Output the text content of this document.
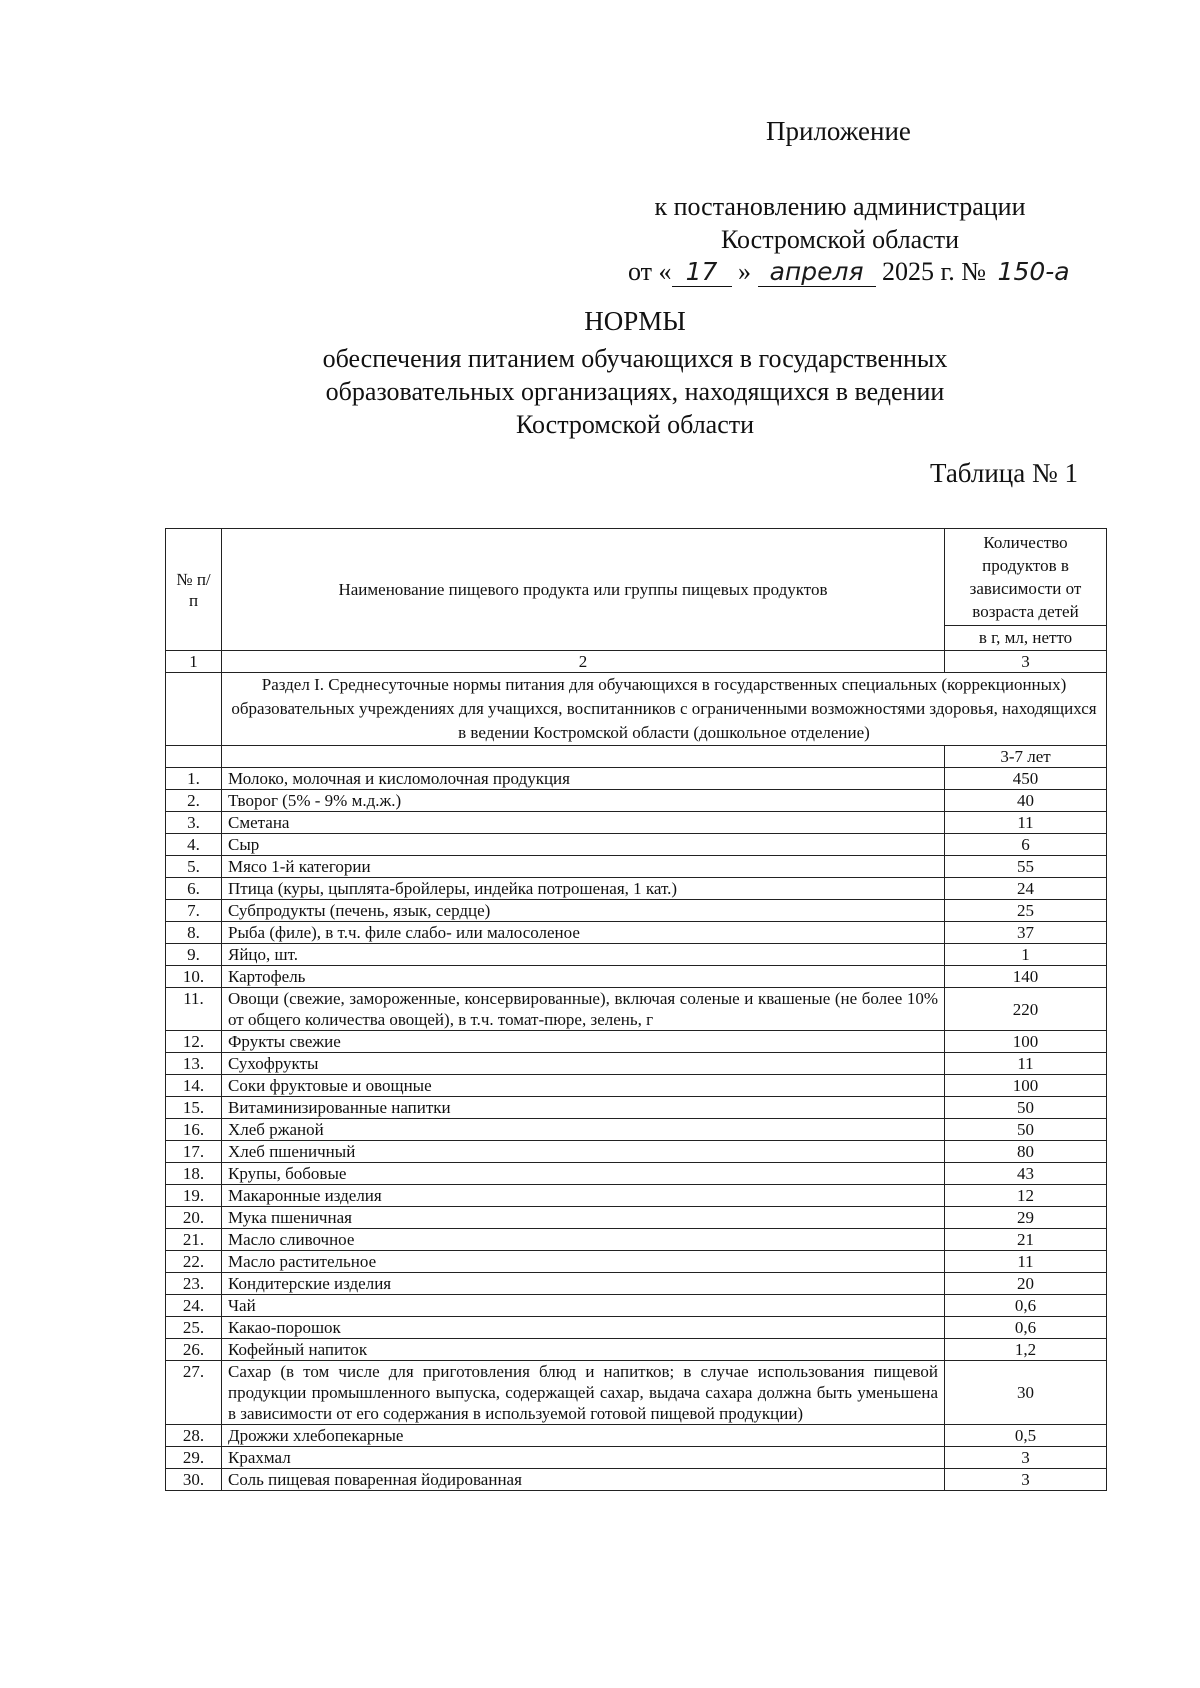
Приложение
к постановлению администрации
Костромской области
от « 17 » апреля 2025 г. № 150-а
НОРМЫ
обеспечения питанием обучающихся в государственных
образовательных организациях, находящихся в ведении
Костромской области
Таблица № 1
№ п/п	Наименование пищевого продукта или группы пищевых продуктов	Количество продуктов в зависимости от возраста детей
		в г, мл, нетто
1	2	3
	Раздел I. Среднесуточные нормы питания для обучающихся в государственных специальных (коррекционных) образовательных учреждениях для учащихся, воспитанников с ограниченными возможностями здоровья, находящихся в ведении Костромской области (дошкольное отделение)	
		3-7 лет
1.	Молоко, молочная и кисломолочная продукция	450
2.	Творог (5% - 9% м.д.ж.)	40
3.	Сметана	11
4.	Сыр	6
5.	Мясо 1-й категории	55
6.	Птица (куры, цыплята-бройлеры, индейка потрошеная, 1 кат.)	24
7.	Субпродукты (печень, язык, сердце)	25
8.	Рыба (филе), в т.ч. филе слабо- или малосоленое	37
9.	Яйцо, шт.	1
10.	Картофель	140
11.	Овощи (свежие, замороженные, консервированные), включая соленые и квашеные (не более 10% от общего количества овощей), в т.ч. томат-пюре, зелень, г	220
12.	Фрукты свежие	100
13.	Сухофрукты	11
14.	Соки фруктовые и овощные	100
15.	Витаминизированные напитки	50
16.	Хлеб ржаной	50
17.	Хлеб пшеничный	80
18.	Крупы, бобовые	43
19.	Макаронные изделия	12
20.	Мука пшеничная	29
21.	Масло сливочное	21
22.	Масло растительное	11
23.	Кондитерские изделия	20
24.	Чай	0,6
25.	Какао-порошок	0,6
26.	Кофейный напиток	1,2
27.	Сахар (в том числе для приготовления блюд и напитков; в случае использования пищевой продукции промышленного выпуска, содержащей сахар, выдача сахара должна быть уменьшена в зависимости от его содержания в используемой готовой пищевой продукции)	30
28.	Дрожжи хлебопекарные	0,5
29.	Крахмал	3
30.	Соль пищевая поваренная йодированная	3
